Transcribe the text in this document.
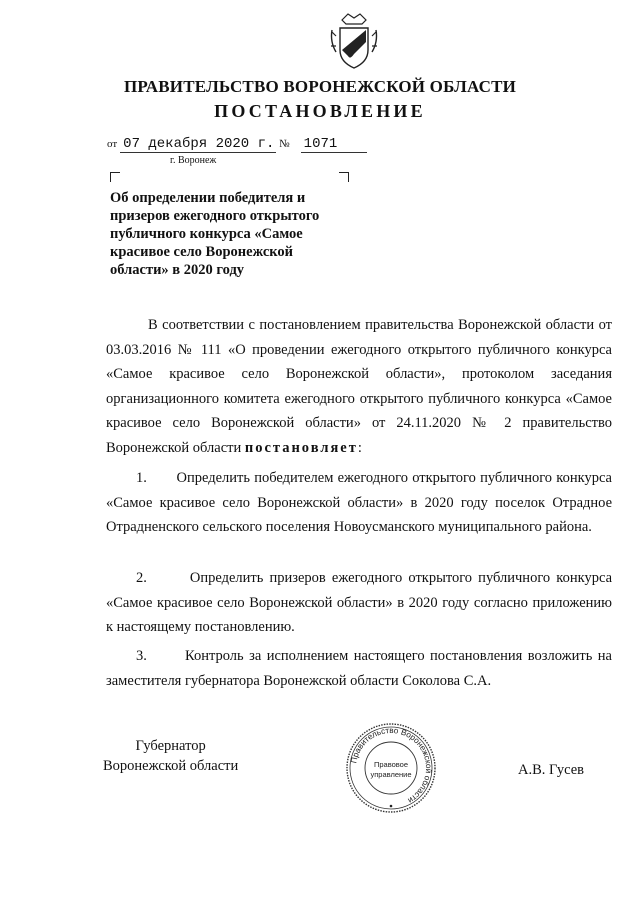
ПРАВИТЕЛЬСТВО ВОРОНЕЖСКОЙ ОБЛАСТИ
ПОСТАНОВЛЕНИЕ
от 07 декабря 2020 г. № 1071
г. Воронеж
Об определении победителя и призеров ежегодного открытого публичного конкурса «Самое красивое село Воронежской области» в 2020 году
В соответствии с постановлением правительства Воронежской области от 03.03.2016 № 111 «О проведении ежегодного открытого публичного конкурса «Самое красивое село Воронежской области», протоколом заседания организационного комитета ежегодного открытого публичного конкурса «Самое красивое село Воронежской области» от 24.11.2020 № 2 правительство Воронежской области постановляет:
1. Определить победителем ежегодного открытого публичного конкурса «Самое красивое село Воронежской области» в 2020 году поселок Отрадное Отрадненского сельского поселения Новоусманского муниципального района.
2.	Определить призеров ежегодного открытого публичного конкурса «Самое красивое село Воронежской области» в 2020 году согласно приложению к настоящему постановлению.
3.	Контроль за исполнением настоящего постановления возложить на заместителя губернатора Воронежской области Соколова С.А.
Губернатор
Воронежской области	Правительство Воронежской области
Правовое
управление	А.В. Гусев
